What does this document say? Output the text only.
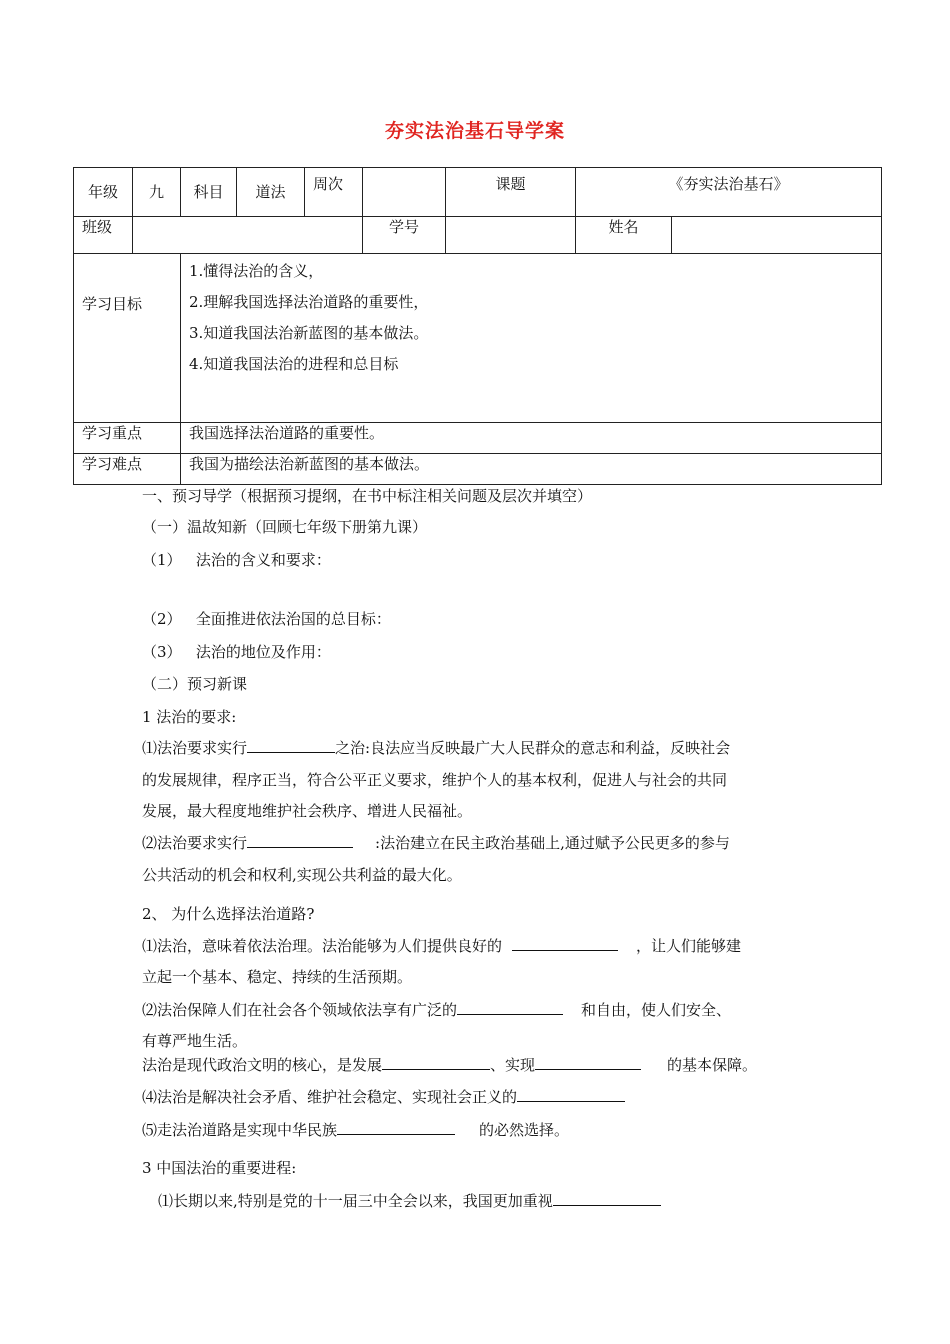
夯实法治基石导学案
年级	九	科目	道法	周次		课题	《夯实法治基石》	
班级					学号		姓名	
学习目标		1.懂得法治的含义，
2.理解我国选择法治道路的重要性，
3.知道我国法治新蓝图的基本做法。
4.知道我国法治的进程和总目标						

学习重点		我国选择法治道路的重要性。						
学习难点		我国为描绘法治新蓝图的基本做法。						
一、预习导学（根据预习提纲，在书中标注相关问题及层次并填空）
（一）温故知新（回顾七年级下册第九课）
（1）   法治的含义和要求：
（2）   全面推进依法治国的总目标：
（3）   法治的地位及作用：
（二）预习新课
1 法治的要求:
⑴法治要求实行	之治:良法应当反映最广大人民群众的意志和利益，反映社会
的发展规律，程序正当，符合公平正义要求，维护个人的基本权利，促进人与社会的共同
发展，最大程度地维护社会秩序、增进人民福祉。
⑵法治要求实行	:法治建立在民主政治基础上,通过赋予公民更多的参与
公共活动的机会和权利,实现公共利益的最大化。
2、 为什么选择法治道路?
⑴法治，意味着依法治理。法治能够为人们提供良好的	，让人们能够建
立起一个基本、稳定、持续的生活预期。
⑵法治保障人们在社会各个领域依法享有广泛的	和自由，使人们安全、
有尊严地生活。
法治是现代政治文明的核心，是发展	、实现	的基本保障。
⑷法治是解决社会矛盾、维护社会稳定、实现社会正义的
⑸走法治道路是实现中华民族	的必然选择。
3 中国法治的重要进程:
⑴长期以来,特别是党的十一届三中全会以来，我国更加重视
